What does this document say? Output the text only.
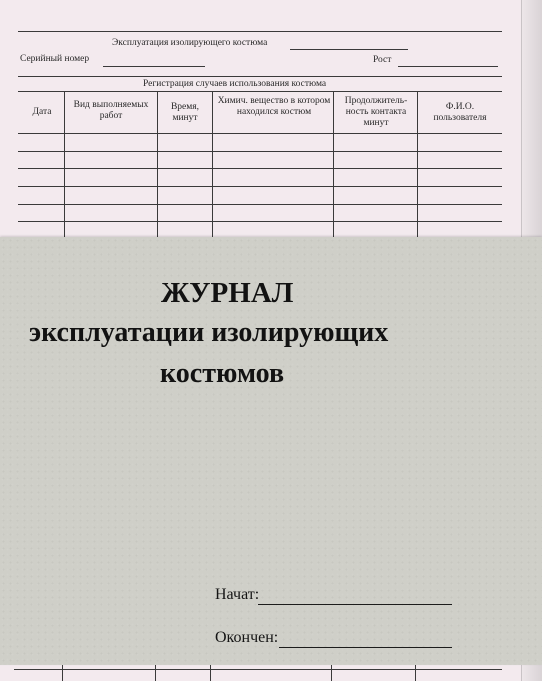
Эксплуатация изолирующего костюма
Серийный номер	Рост
Регистрация случаев использования костюма
Дата
Вид выполняемых работ
Время, минут
Химич. вещество в котором находился костюм
Продолжитель-ность контакта минут
Ф.И.О. пользователя
ЖУРНАЛ
эксплуатации изолирующих
костюмов
Начат:
Окончен:
